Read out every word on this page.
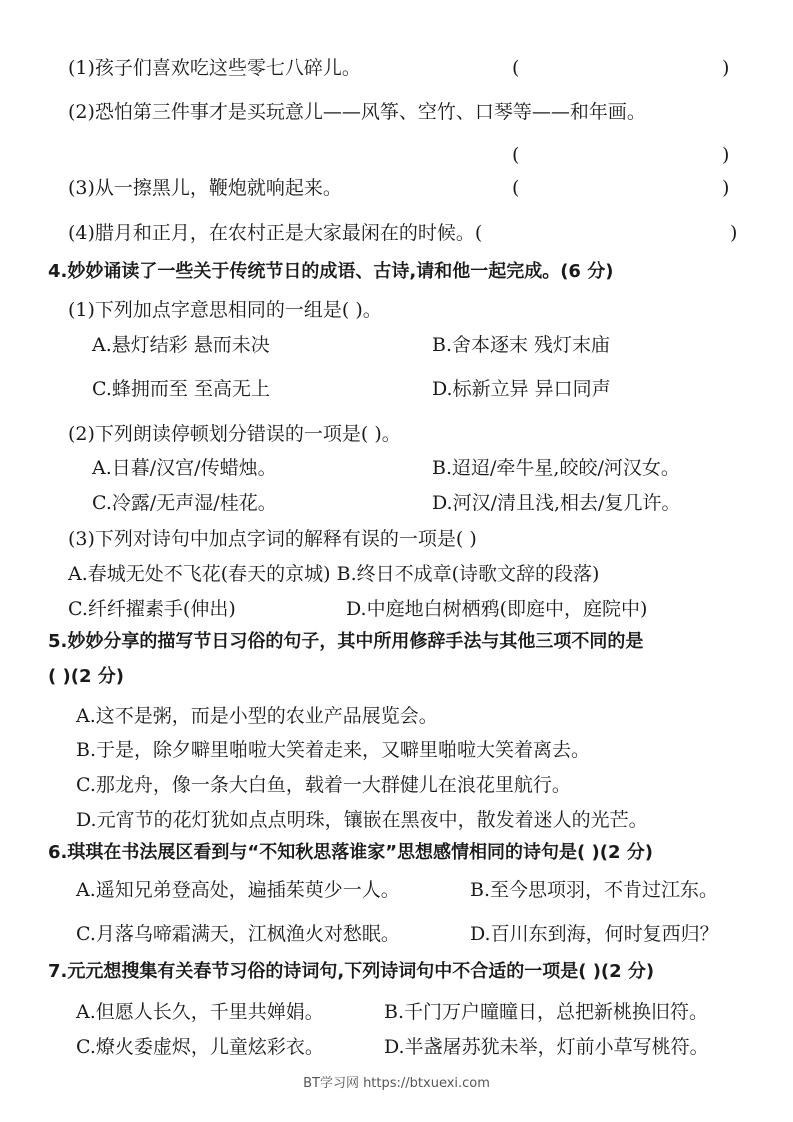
(1)孩子们喜欢吃这些零七八碎儿。	(	)
(2)恐怕第三件事才是买玩意儿——风筝、空竹、口琴等——和年画。
(	)
(3)从一擦黑儿，鞭炮就响起来。	(	)
(4)腊月和正月，在农村正是大家最闲在的时候。(	)
4.妙妙诵读了一些关于传统节日的成语、古诗,请和他一起完成。(6 分)
(1)下列加点字意思相同的一组是( )。
A.悬灯结彩 悬而未决	B.舍本逐末 残灯末庙
C.蜂拥而至 至高无上	D.标新立异 异口同声
(2)下列朗读停顿划分错误的一项是( )。
A.日暮/汉宫/传蜡烛。	B.迢迢/牵牛星,皎皎/河汉女。
C.冷露/无声湿/桂花。	D.河汉/清且浅,相去/复几许。
(3)下列对诗句中加点字词的解释有误的一项是( )
A.春城无处不飞花(春天的京城) B.终日不成章(诗歌文辞的段落)
C.纤纤擢素手(伸出)	D.中庭地白树栖鸦(即庭中，庭院中)
5.妙妙分享的描写节日习俗的句子，其中所用修辞手法与其他三项不同的是
( )(2 分)
A.这不是粥，而是小型的农业产品展览会。
B.于是，除夕噼里啪啦大笑着走来，又噼里啪啦大笑着离去。
C.那龙舟，像一条大白鱼，载着一大群健儿在浪花里航行。
D.元宵节的花灯犹如点点明珠，镶嵌在黑夜中，散发着迷人的光芒。
6.琪琪在书法展区看到与“不知秋思落谁家”思想感情相同的诗句是( )(2 分)
A.遥知兄弟登高处，遍插茱萸少一人。	B.至今思项羽，不肯过江东。
C.月落乌啼霜满天，江枫渔火对愁眠。	D.百川东到海，何时复西归？
7.元元想搜集有关春节习俗的诗词句,下列诗词句中不合适的一项是( )(2 分)
A.但愿人长久，千里共婵娟。	B.千门万户曈曈日，总把新桃换旧符。
C.燎火委虚烬，儿童炫彩衣。	D.半盏屠苏犹未举，灯前小草写桃符。
BT学习网 https://btxuexi.com
